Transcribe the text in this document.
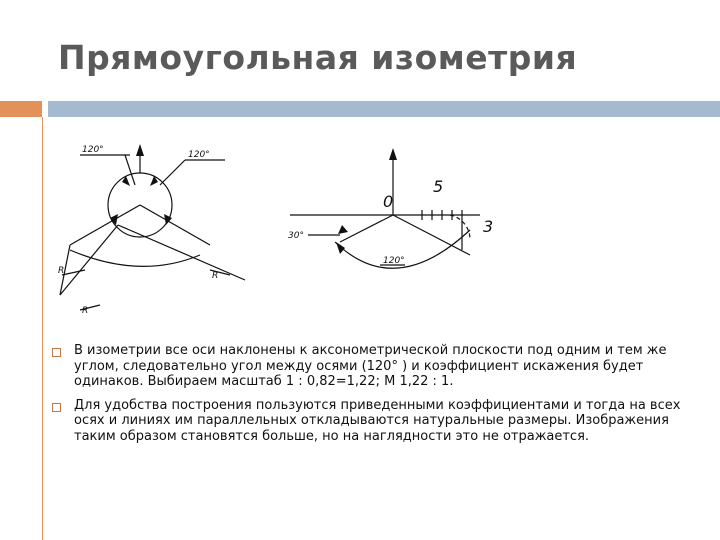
Прямоугольная изометрия
120°	120°
R
R
R
0
5
3
30°
120°
В изометрии все оси наклонены к аксонометрической плоскости под одним и тем же углом, следовательно угол между осями (120° ) и коэффициент искажения будет одинаков. Выбираем масштаб 1 : 0,82=1,22; М 1,22 : 1.
Для удобства построения пользуются приведенными коэффициентами и тогда на всех осях и линиях им параллельных откладываются натуральные размеры. Изображения таким образом становятся больше, но на наглядности это не отражается.
